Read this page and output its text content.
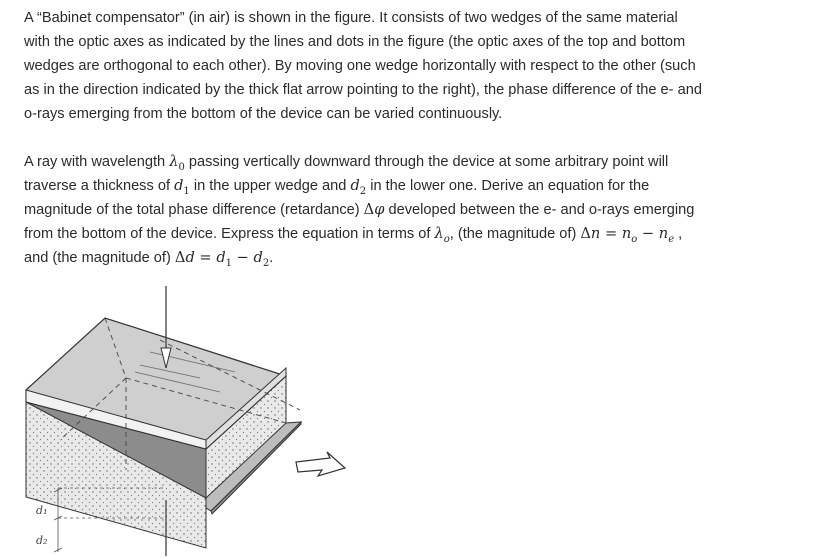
A “Babinet compensator” (in air) is shown in the figure. It consists of two wedges of the same material
with the optic axes as indicated by the lines and dots in the figure (the optic axes of the top and bottom
wedges are orthogonal to each other). By moving one wedge horizontally with respect to the other (such
as in the direction indicated by the thick flat arrow pointing to the right), the phase difference of the e- and
o-rays emerging from the bottom of the device can be varied continuously.

A ray with wavelength $\lambda_0$ passing vertically downward through the device at some arbitrary point will
traverse a thickness of $d_1$ in the upper wedge and $d_2$ in the lower one. Derive an equation for the
magnitude of the total phase difference (retardance) Δφ developed between the e- and o-rays emerging
from the bottom of the device. Express the equation in terms of $\lambda_o$, (the magnitude of) $\Delta n = n_o - n_e$ ,
and (the magnitude of) $\Delta d = d_1 - d_2$.

d₁
d₂
